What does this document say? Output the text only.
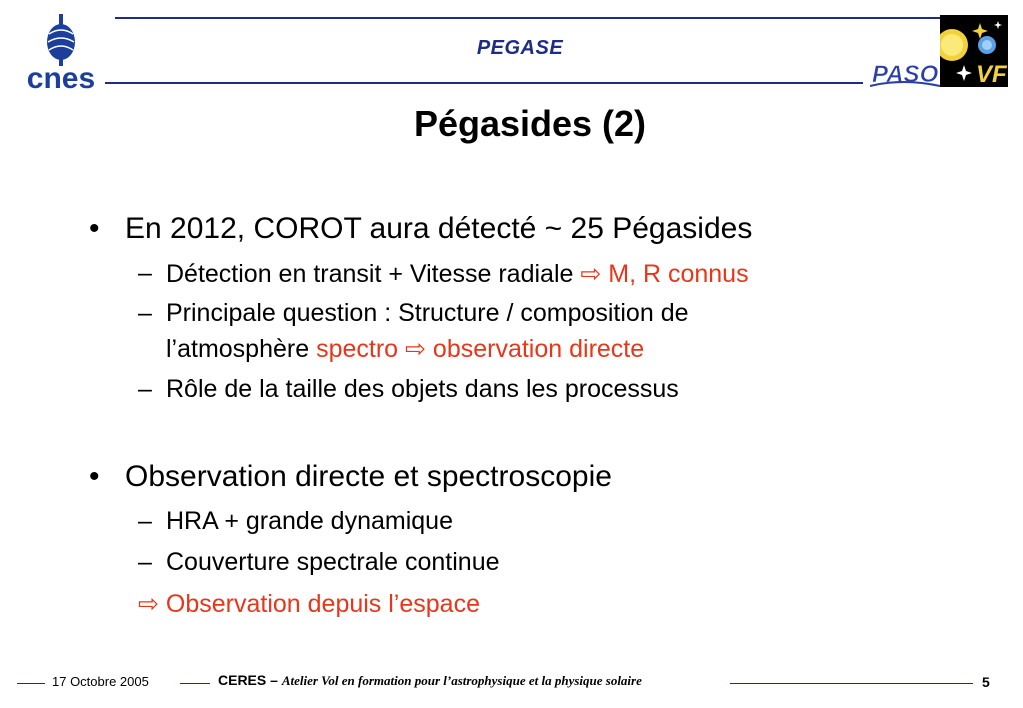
cnes
PEGASE
PASO VF
Pégasides (2)
• En 2012, COROT aura détecté ~ 25 Pégasides
– Détection en transit + Vitesse radiale ⇨ M, R connus
– Principale question : Structure / composition de
l’atmosphère spectro ⇨ observation directe
– Rôle de la taille des objets dans les processus
• Observation directe et spectroscopie
– HRA + grande dynamique
– Couverture spectrale continue
⇨ Observation depuis l’espace
17 Octobre 2005	CERES – Atelier Vol en formation pour l’astrophysique et la physique solaire	5
